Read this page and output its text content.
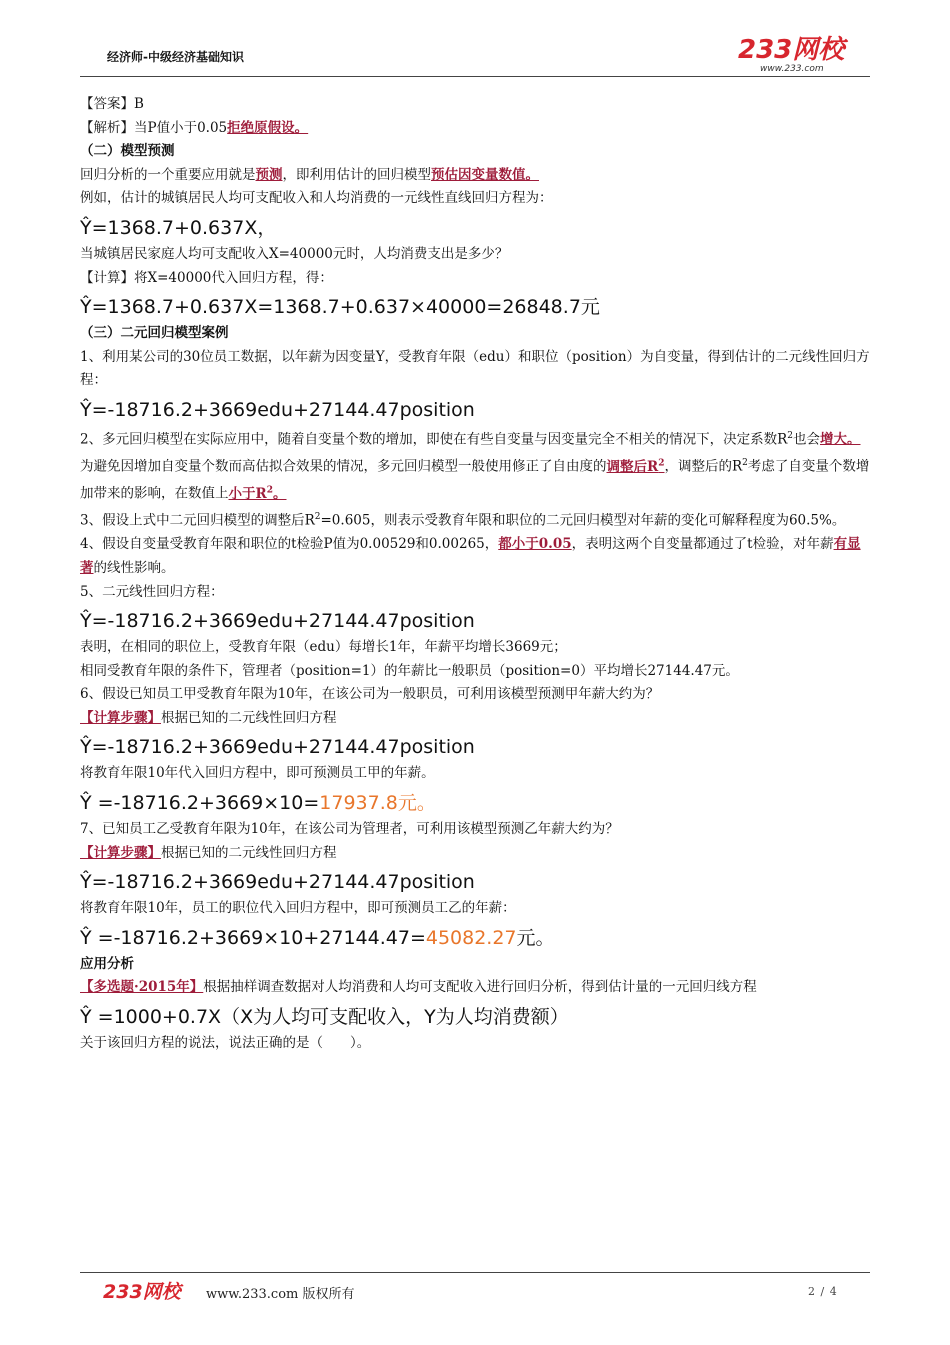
经济师-中级经济基础知识	233网校
www.233.com

【答案】B

【解析】当P值小于0.05拒绝原假设。

（二）模型预测

回归分析的一个重要应用就是预测，即利用估计的回归模型预估因变量数值。

例如，估计的城镇居民人均可支配收入和人均消费的一元线性直线回归方程为：

Ŷ=1368.7+0.637X，

当城镇居民家庭人均可支配收入X=40000元时，人均消费支出是多少？

【计算】将X=40000代入回归方程，得：

Ŷ=1368.7+0.637X=1368.7+0.637×40000=26848.7元

（三）二元回归模型案例

1、利用某公司的30位员工数据，以年薪为因变量Y，受教育年限（edu）和职位（position）为自变量，得到估计的二元线性回归方程：

Ŷ=-18716.2+3669edu+27144.47position

2、多元回归模型在实际应用中，随着自变量个数的增加，即使在有些自变量与因变量完全不相关的情况下，决定系数$R^2$也会增大。

为避免因增加自变量个数而高估拟合效果的情况，多元回归模型一般使用修正了自由度的调整后$R^2$，调整后的$R^2$考虑了自变量个数增加带来的影响，在数值上小于$R^2$。

3、假设上式中二元回归模型的调整后$R^2=0.605$，则表示受教育年限和职位的二元回归模型对年薪的变化可解释程度为60.5%。

4、假设自变量受教育年限和职位的t检验P值为0.00529和0.00265，都小于0.05，表明这两个自变量都通过了t检验，对年薪有显著的线性影响。

5、二元线性回归方程：

Ŷ=-18716.2+3669edu+27144.47position

表明，在相同的职位上，受教育年限（edu）每增长1年，年薪平均增长3669元；

相同受教育年限的条件下，管理者（position=1）的年薪比一般职员（position=0）平均增长27144.47元。

6、假设已知员工甲受教育年限为10年，在该公司为一般职员，可利用该模型预测甲年薪大约为？

【计算步骤】根据已知的二元线性回归方程

Ŷ=-18716.2+3669edu+27144.47position

将教育年限10年代入回归方程中，即可预测员工甲的年薪。

Ŷ =-18716.2+3669×10=17937.8元。

7、已知员工乙受教育年限为10年，在该公司为管理者，可利用该模型预测乙年薪大约为？

【计算步骤】根据已知的二元线性回归方程

Ŷ=-18716.2+3669edu+27144.47position

将教育年限10年，员工的职位代入回归方程中，即可预测员工乙的年薪：

Ŷ =-18716.2+3669×10+27144.47=45082.27元。

应用分析

【多选题·2015年】根据抽样调查数据对人均消费和人均可支配收入进行回归分析，得到估计量的一元回归线方程

Ŷ =1000+0.7X（X为人均可支配收入，Y为人均消费额）

关于该回归方程的说法，说法正确的是（　　）。

233网校 www.233.com 版权所有	2 / 4
